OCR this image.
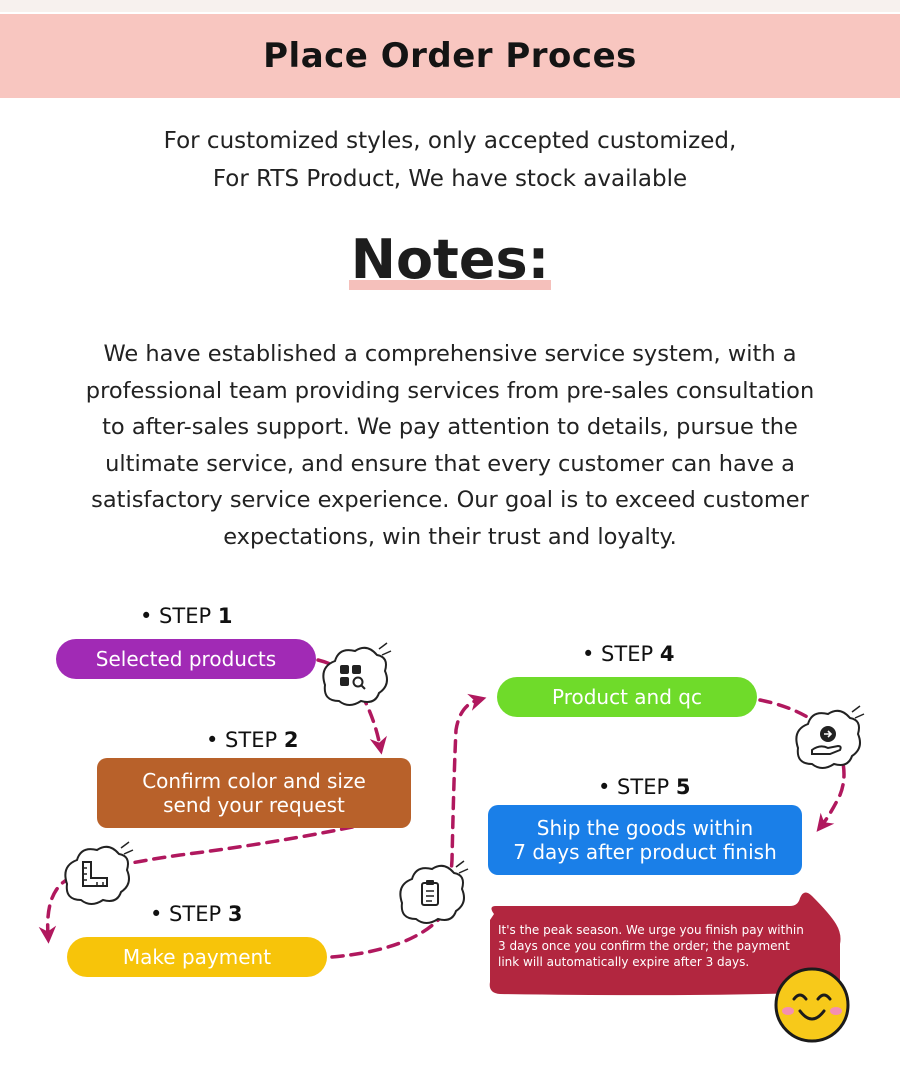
Place Order Proces
For customized styles, only accepted customized,
For RTS Product, We have stock available
Notes:
We have established a comprehensive service system, with a
professional team providing services from pre-sales consultation
to after-sales support. We pay attention to details, pursue the
ultimate service, and ensure that every customer can have a
satisfactory service experience. Our goal is to exceed customer
expectations, win their trust and loyalty.
• STEP 1
• STEP 2
• STEP 3
• STEP 4
• STEP 5
Selected products
Confirm color and size
send your request
Make payment
Product and qc
Ship the goods within
7 days after product finish
It's the peak season. We urge you finish pay within
3 days once you confirm the order; the payment
link will automatically expire after 3 days.
